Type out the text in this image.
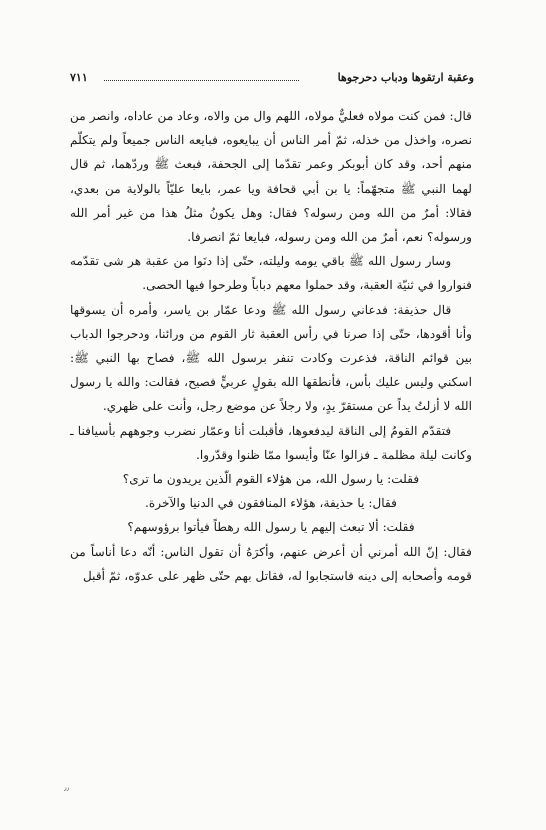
وعقبة ارتقوها ودباب دحرجوها
٧١١

قال: فمن كنت مولاه فعليٌّ مولاه، اللهم وال من والاه، وعاد من عاداه، وانصر من نصره، واخذل من خذله، ثمّ أمر الناس أن يبايعوه، فبايعه الناس جميعاً ولم يتكلّم منهم أحد، وقد كان أبوبكر وعمر تقدّما إلى الجحفة، فبعث ﷺ وردّهما، ثم قال لهما النبي ﷺ متجهّماً: يا بن أبي قحافة ويا عمر، بايعا عليّاً بالولاية من بعدي، فقالا: أمرٌ من الله ومن رسوله؟ فقال: وهل يكونُ مثلُ هذا من غير أمر الله ورسوله؟ نعم، أمرٌ من الله ومن رسوله، فبايعا ثمّ انصرفا.

وسار رسول الله ﷺ باقي يومه وليلته، حتّى إذا دنَوا من عقبة هر شى تقدّمه فنواروا في ثنيّة العقبة، وقد حملوا معهم دباباً وطرحوا فيها الحصى.

قال حذيفة: فدعاني رسول الله ﷺ ودعا عمّار بن ياسر، وأمره أن يسوقها وأنا أقودها، حتّى إذا صرنا في رأس العقبة ثار القوم من ورائنا، ودحرجوا الدباب بين قوائم الناقة، فذعرت وكادت تنفر برسول الله ﷺ، فصاح بها النبي ﷺ: اسكني وليس عليك بأس، فأنطقها الله بقولٍ عربيٍّ فصيح، فقالت: والله يا رسول الله لا أزلتُ يداً عن مستقرّ يدٍ، ولا رجلاً عن موضع رجل، وأنت على ظهري.

فتقدّم القومُ إلى الناقة ليدفعوها، فأقبلت أنا وعمّار نضرب وجوههم بأسيافنا ـ وكانت ليلة مظلمة ـ فزالوا عنّا وأيسوا ممّا ظنوا وقدّروا.

فقلت: يا رسول الله، من هؤلاء القوم الّذين يريدون ما ترى؟

فقال: يا حذيفة، هؤلاء المنافقون في الدنيا والآخرة.

فقلت: ألا تبعث إليهم يا رسول الله رهطاً فيأتوا برؤوسهم؟

فقال: إنّ الله أمرني أن أعرض عنهم، وأكرَهُ أن تقول الناس: أنّه دعا أناساً من قومه وأصحابه إلى دينه فاستجابوا له، فقاتل بهم حتّى ظهر على عدوّه، ثمّ أقبل

٫٫
